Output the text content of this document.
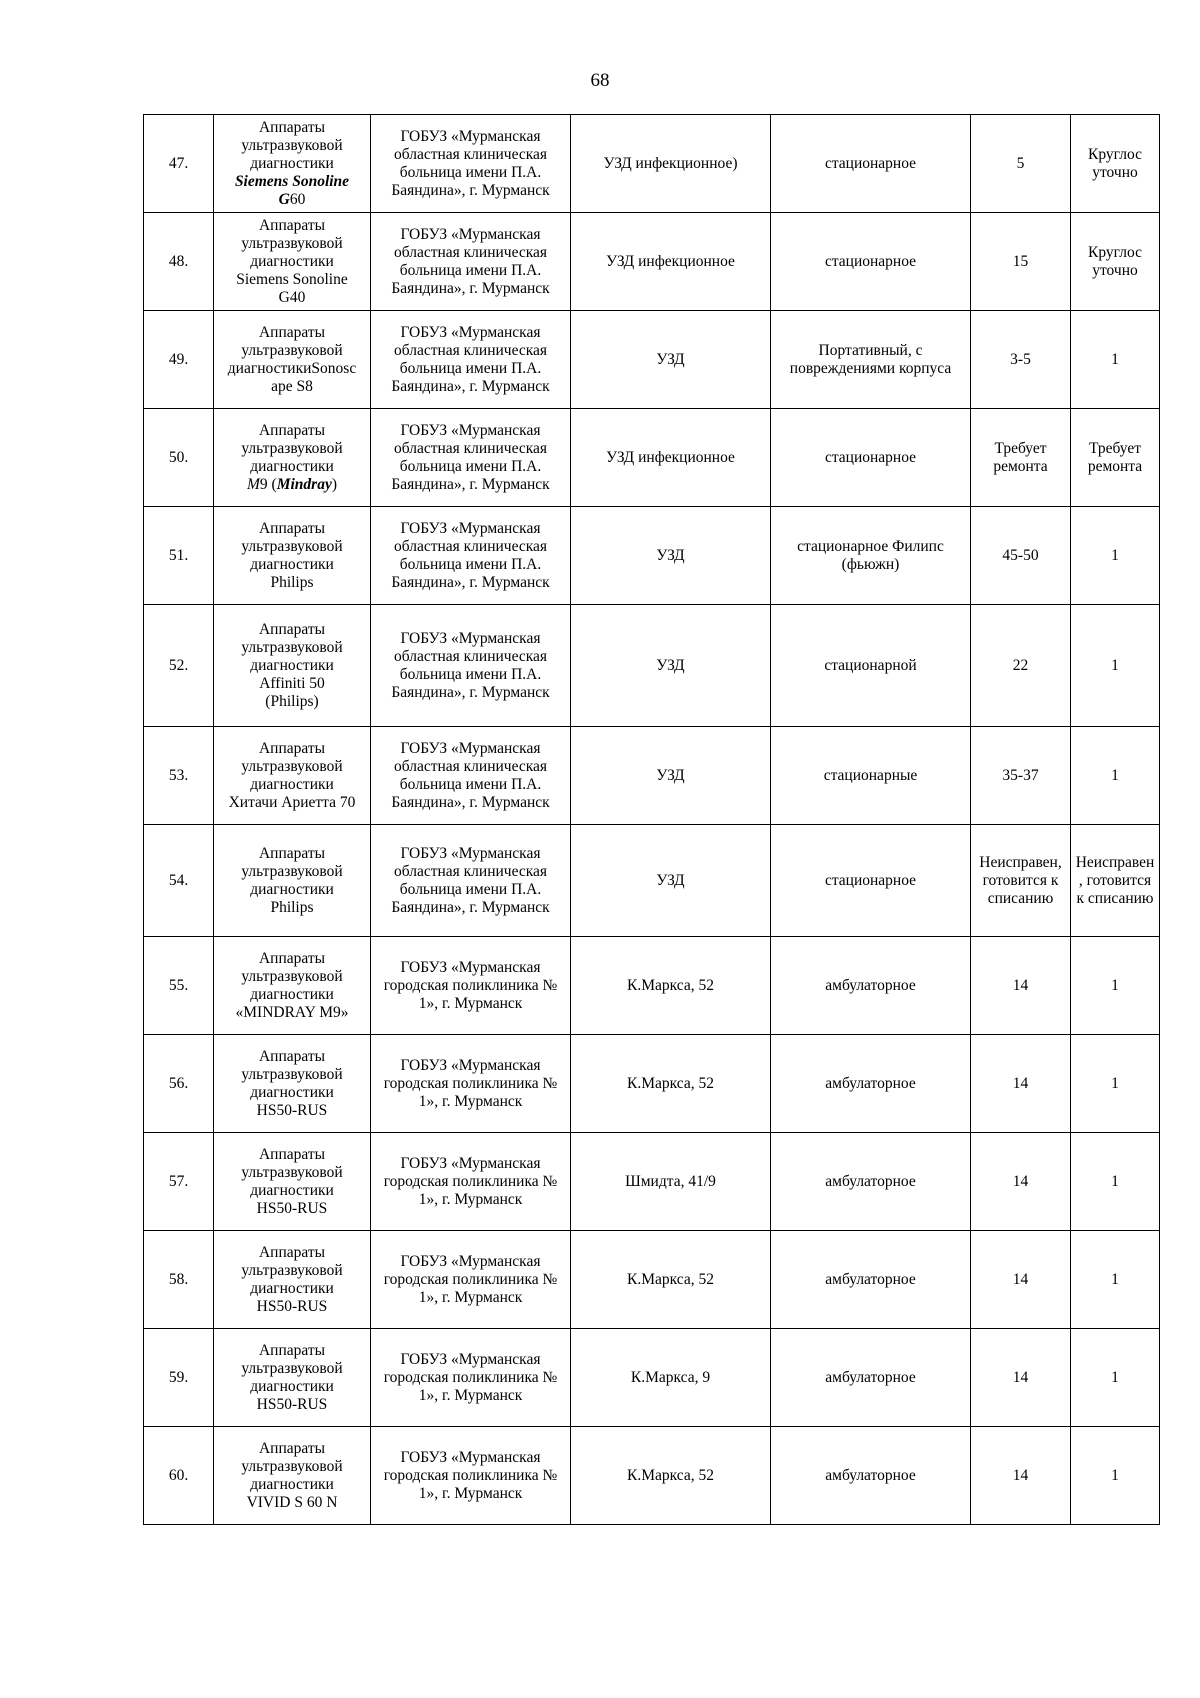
68
47.	Аппараты
ультразвуковой
диагностики
Siemens Sonoline
G60	ГОБУЗ «Мурманская областная клиническая больница имени П.А. Баяндина», г. Мурманск	УЗД инфекционное)	стационарное	5	Круглос уточно
48.	Аппараты
ультразвуковой
диагностики
Siemens Sonoline
G40	ГОБУЗ «Мурманская областная клиническая больница имени П.А. Баяндина», г. Мурманск	УЗД инфекционное	стационарное	15	Круглос уточно
49.	Аппараты
ультразвуковой
диагностикиSonosc
ape S8	ГОБУЗ «Мурманская областная клиническая больница имени П.А. Баяндина», г. Мурманск	УЗД	Портативный, с повреждениями корпуса	3-5	1
50.	Аппараты
ультразвуковой
диагностики
M9 (Mindray)	ГОБУЗ «Мурманская областная клиническая больница имени П.А. Баяндина», г. Мурманск	УЗД инфекционное	стационарное	Требует ремонта	Требует ремонта
51.	Аппараты
ультразвуковой
диагностики
Philips	ГОБУЗ «Мурманская областная клиническая больница имени П.А. Баяндина», г. Мурманск	УЗД	стационарное Филипс (фьюжн)	45-50	1
52.	Аппараты
ультразвуковой
диагностики
Affiniti 50
(Philips)	ГОБУЗ «Мурманская областная клиническая больница имени П.А. Баяндина», г. Мурманск	УЗД	стационарной	22	1
53.	Аппараты
ультразвуковой
диагностики
Хитачи Ариетта 70	ГОБУЗ «Мурманская областная клиническая больница имени П.А. Баяндина», г. Мурманск	УЗД	стационарные	35-37	1
54.	Аппараты
ультразвуковой
диагностики
Philips	ГОБУЗ «Мурманская областная клиническая больница имени П.А. Баяндина», г. Мурманск	УЗД	стационарное	Неисправен, готовится к списанию	Неисправен, готовится к списанию
55.	Аппараты
ультразвуковой
диагностики
«MINDRAY M9»	ГОБУЗ «Мурманская городская поликлиника № 1», г. Мурманск	К.Маркса, 52	амбулаторное	14	1
56.	Аппараты
ультразвуковой
диагностики
HS50-RUS	ГОБУЗ «Мурманская городская поликлиника № 1», г. Мурманск	К.Маркса, 52	амбулаторное	14	1
57.	Аппараты
ультразвуковой
диагностики
HS50-RUS	ГОБУЗ «Мурманская городская поликлиника № 1», г. Мурманск	Шмидта, 41/9	амбулаторное	14	1
58.	Аппараты
ультразвуковой
диагностики
HS50-RUS	ГОБУЗ «Мурманская городская поликлиника № 1», г. Мурманск	К.Маркса, 52	амбулаторное	14	1
59.	Аппараты
ультразвуковой
диагностики
HS50-RUS	ГОБУЗ «Мурманская городская поликлиника № 1», г. Мурманск	К.Маркса, 9	амбулаторное	14	1
60.	Аппараты
ультразвуковой
диагностики
VIVID S 60 N	ГОБУЗ «Мурманская городская поликлиника № 1», г. Мурманск	К.Маркса, 52	амбулаторное	14	1
